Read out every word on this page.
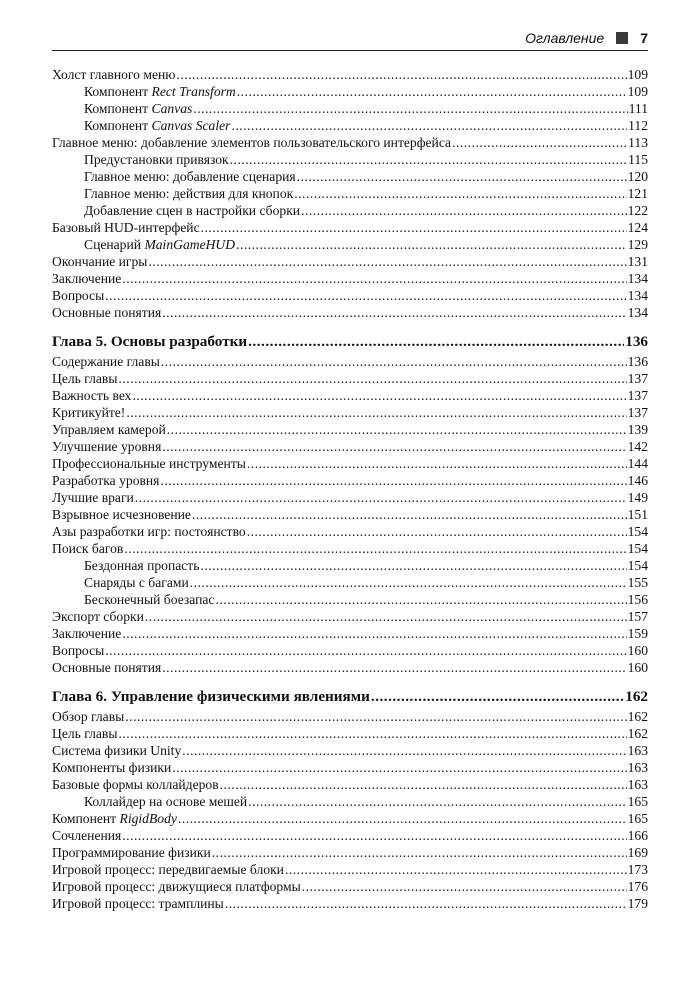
Оглавление	7
Холст главного меню .....	109
Компонент Rect Transform .....	109
Компонент Canvas .....	111
Компонент Canvas Scaler .....	112
Главное меню: добавление элементов пользовательского интерфейса .....	113
Предустановки привязок .....	115
Главное меню: добавление сценария .....	120
Главное меню: действия для кнопок .....	121
Добавление сцен в настройки сборки .....	122
Базовый HUD-интерфейс .....	124
Сценарий MainGameHUD .....	129
Окончание игры .....	131
Заключение .....	134
Вопросы .....	134
Основные понятия .....	134
Глава 5. Основы разработки .....	136
Содержание главы .....	136
Цель главы .....	137
Важность вех .....	137
Критикуйте! .....	137
Управляем камерой .....	139
Улучшение уровня .....	142
Профессиональные инструменты .....	144
Разработка уровня .....	146
Лучшие враги .....	149
Взрывное исчезновение .....	151
Азы разработки игр: постоянство .....	154
Поиск багов .....	154
Бездонная пропасть .....	154
Снаряды с багами .....	155
Бесконечный боезапас .....	156
Экспорт сборки .....	157
Заключение .....	159
Вопросы .....	160
Основные понятия .....	160
Глава 6. Управление физическими явлениями .....	162
Обзор главы .....	162
Цель главы .....	162
Система физики Unity .....	163
Компоненты физики .....	163
Базовые формы коллайдеров .....	163
Коллайдер на основе мешей .....	165
Компонент RigidBody .....	165
Сочленения .....	166
Программирование физики .....	169
Игровой процесс: передвигаемые блоки .....	173
Игровой процесс: движущиеся платформы .....	176
Игровой процесс: трамплины .....	179
